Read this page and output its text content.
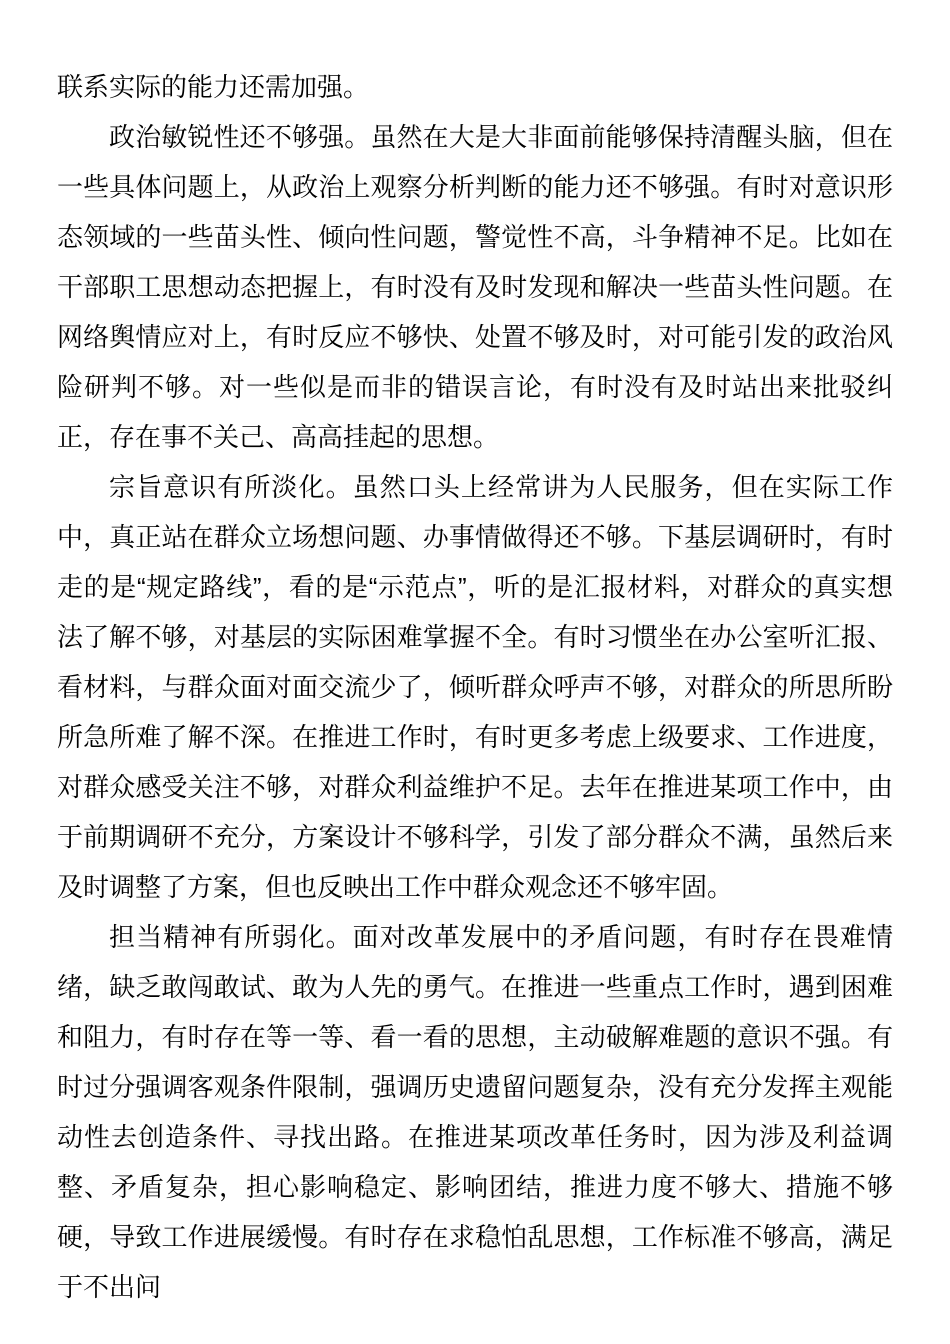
联系实际的能力还需加强。

政治敏锐性还不够强。虽然在大是大非面前能够保持清醒头脑，但在一些具体问题上，从政治上观察分析判断的能力还不够强。有时对意识形态领域的一些苗头性、倾向性问题，警觉性不高，斗争精神不足。比如在干部职工思想动态把握上，有时没有及时发现和解决一些苗头性问题。在网络舆情应对上，有时反应不够快、处置不够及时，对可能引发的政治风险研判不够。对一些似是而非的错误言论，有时没有及时站出来批驳纠正，存在事不关己、高高挂起的思想。

宗旨意识有所淡化。虽然口头上经常讲为人民服务，但在实际工作中，真正站在群众立场想问题、办事情做得还不够。下基层调研时，有时走的是“规定路线”，看的是“示范点”，听的是汇报材料，对群众的真实想法了解不够，对基层的实际困难掌握不全。有时习惯坐在办公室听汇报、看材料，与群众面对面交流少了，倾听群众呼声不够，对群众的所思所盼所急所难了解不深。在推进工作时，有时更多考虑上级要求、工作进度，对群众感受关注不够，对群众利益维护不足。去年在推进某项工作中，由于前期调研不充分，方案设计不够科学，引发了部分群众不满，虽然后来及时调整了方案，但也反映出工作中群众观念还不够牢固。

担当精神有所弱化。面对改革发展中的矛盾问题，有时存在畏难情绪，缺乏敢闯敢试、敢为人先的勇气。在推进一些重点工作时，遇到困难和阻力，有时存在等一等、看一看的思想，主动破解难题的意识不强。有时过分强调客观条件限制，强调历史遗留问题复杂，没有充分发挥主观能动性去创造条件、寻找出路。在推进某项改革任务时，因为涉及利益调整、矛盾复杂，担心影响稳定、影响团结，推进力度不够大、措施不够硬，导致工作进展缓慢。有时存在求稳怕乱思想，工作标准不够高，满足于不出问
